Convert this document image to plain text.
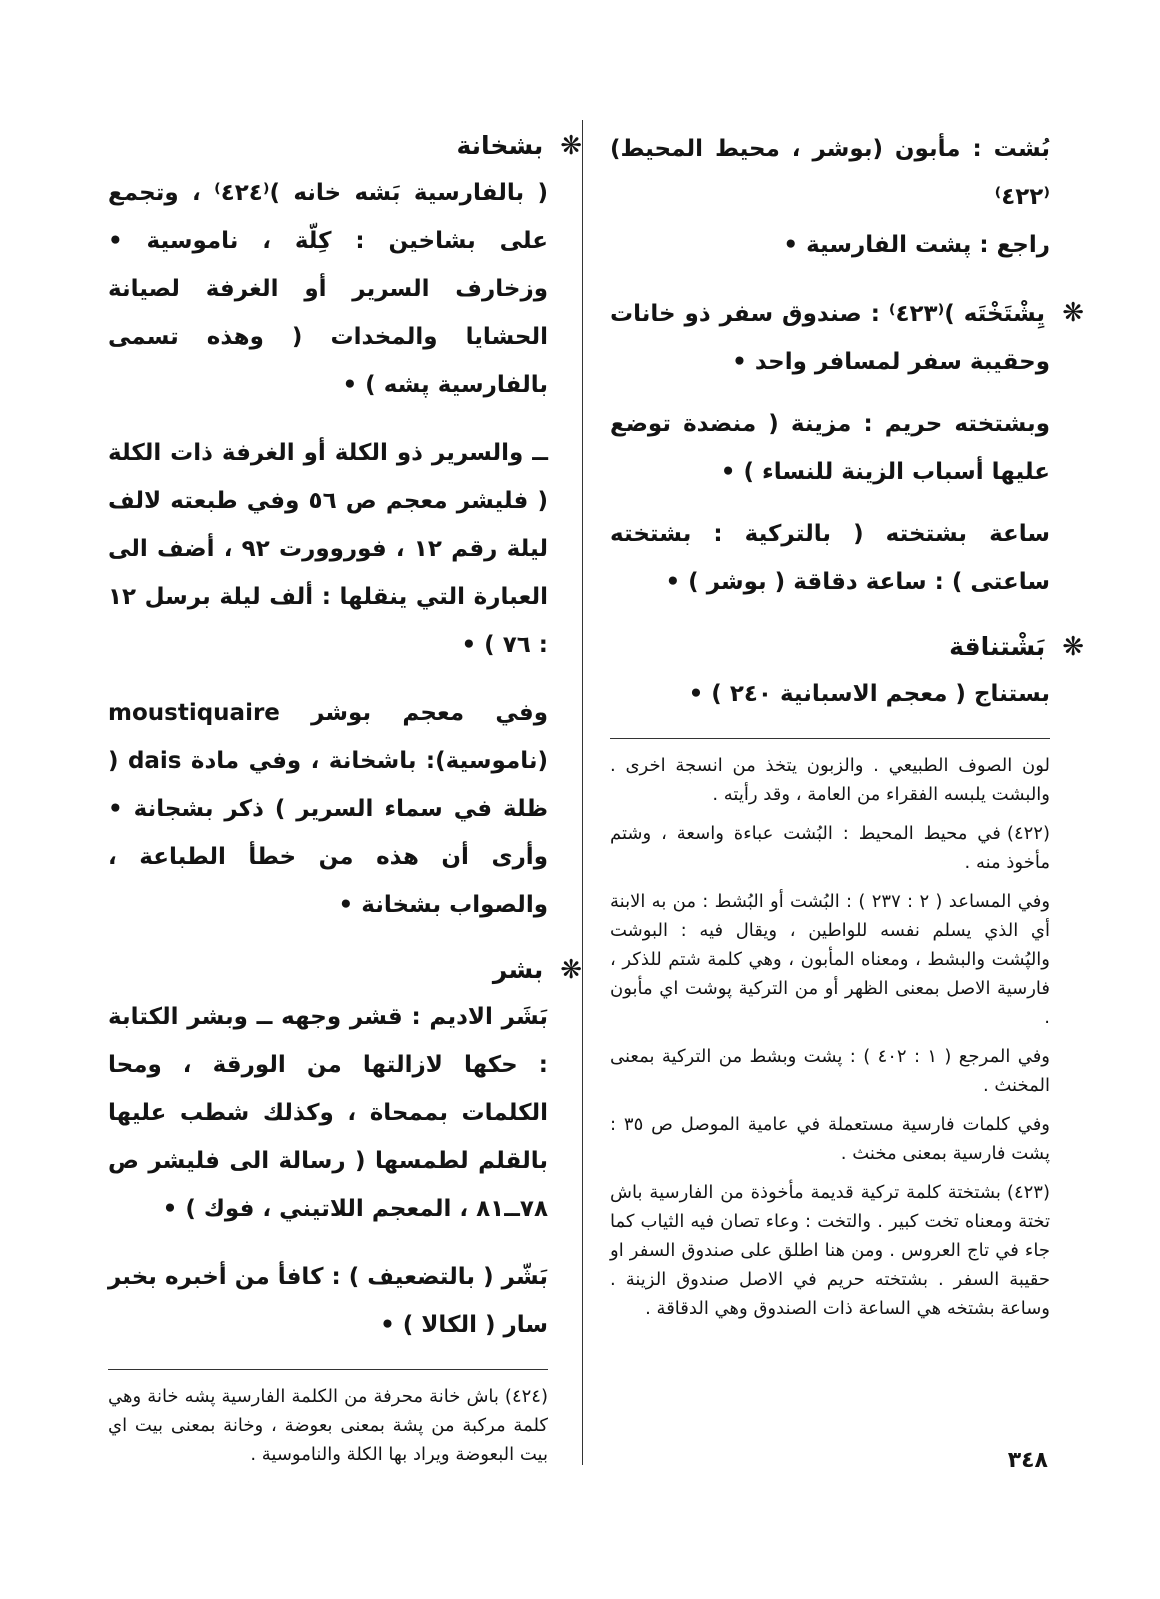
بُشت : مأبون (بوشر ، محيط المحيط)⁽٤٢٢⁾
راجع : پشت الفارسية •
❋ يِشْتَخْتَه )⁽٤٢٣⁾ : صندوق سفر ذو خانات وحقيبة سفر لمسافر واحد •
وبشتخته حريم : مزينة ( منضدة توضع عليها أسباب الزينة للنساء ) •
ساعة بشتخته ( بالتركية : بشتخته ساعتى ) : ساعة دقاقة ( بوشر ) •
❋ بَشْتناقة
بستناج ( معجم الاسبانية ٢٤٠ ) •
لون الصوف الطبيعي . والزبون يتخذ من انسجة اخرى . والبشت يلبسه الفقراء من العامة ، وقد رأيته .
(٤٢٢)في محيط المحيط : البُشت عباءة واسعة ، وشتم مأخوذ منه .
وفي المساعد ( ٢ : ٢٣٧ ) : البُشت أو البُشط : من به الابنة أي الذي يسلم نفسه للواطين ، ويقال فيه : البوشت والپُشت والبشط ، ومعناه المأبون ، وهي كلمة شتم للذكر ، فارسية الاصل بمعنى الظهر أو من التركية پوشت اي مأبون .
وفي المرجع ( ١ : ٤٠٢ ) : پشت وبشط من التركية بمعنى المخنث .
وفي كلمات فارسية مستعملة في عامية الموصل ص ٣٥ : پشت فارسية بمعنى مخنث .
(٤٢٣)بشتختة كلمة تركية قديمة مأخوذة من الفارسية باش تختة ومعناه تخت كبير . والتخت : وعاء تصان فيه الثياب كما جاء في تاج العروس . ومن هنا اطلق على صندوق السفر او حقيبة السفر . بشتخته حريم في الاصل صندوق الزينة . وساعة بشتخه هي الساعة ذات الصندوق وهي الدقاقة .
❋ بشخانة
( بالفارسية بَشه خانه )⁽٤٢٤⁾ ، وتجمع على بشاخين : كِلّة ، ناموسية • وزخارف السرير أو الغرفة لصيانة الحشايا والمخدات ( وهذه تسمى بالفارسية پشه ) •
ــ والسرير ذو الكلة أو الغرفة ذات الكلة ( فليشر معجم ص ٥٦ وفي طبعته لالف ليلة رقم ١٢ ، فوروورت ٩٢ ، أضف الى العبارة التي ينقلها : ألف ليلة برسل ١٢ : ٧٦ ) •
وفي معجم بوشر moustiquaire (ناموسية): باشخانة ، وفي مادة dais ( ظلة في سماء السرير ) ذكر بشجانة • وأرى أن هذه من خطأ الطباعة ، والصواب بشخانة •
❋ بشر
بَشَر الاديم : قشر وجهه ــ وبشر الكتابة : حكها لازالتها من الورقة ، ومحا الكلمات بممحاة ، وكذلك شطب عليها بالقلم لطمسها ( رسالة الى فليشر ص ٧٨ــ٨١ ، المعجم اللاتيني ، فوك ) •
بَشّر ( بالتضعيف ) : كافأ من أخبره بخبر سار ( الكالا ) •
(٤٢٤)باش خانة محرفة من الكلمة الفارسية پشه خانة وهي كلمة مركبة من پشة بمعنى بعوضة ، وخانة بمعنى بيت اي بيت البعوضة ويراد بها الكلة والناموسية .	٣٤٨
